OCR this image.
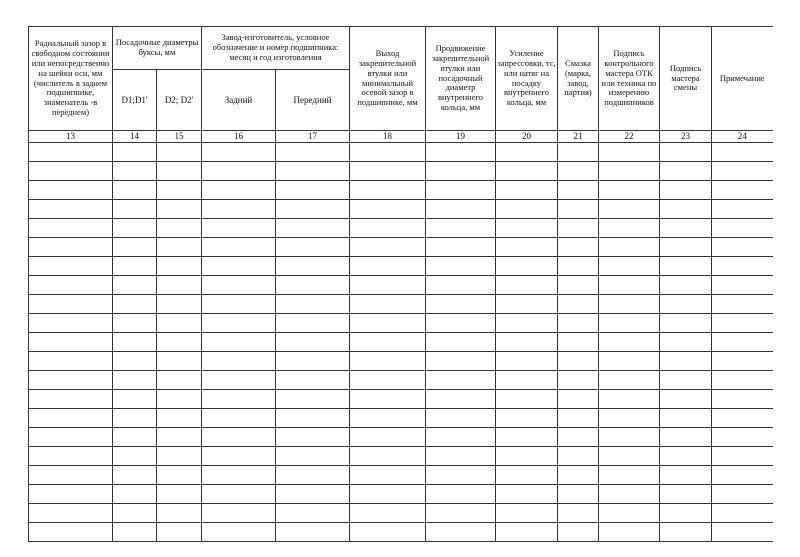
Радиальный зазор в свободном состоянии или непосредственно на шейки оси, мм (числитель в заднем подшипнике, знаменатель -в переднем)	Посадочные диаметры буксы, мм		Завод-изготовитель, условное обозначение и номер подшипника: месяц и год изготовления		Выход закрепительной втулки или минимальный осевой зазор в подшипнике, мм	Продвижение закрепительной втулки или посадочный диаметр внутреннего кольца, мм	Усиление запрессовки, тс, или натяг на посадку внутреннего кольца, мм	Смазка (марка, завод, партия)	Подпись контрольного мастера ОТК или техника по измерению подшипников	Подпись мастера смены	Примечание
	D1;D1'	D2; D2'	Задний	Передний							
13	14	15	16	17	18	19	20	21	22	23	24
